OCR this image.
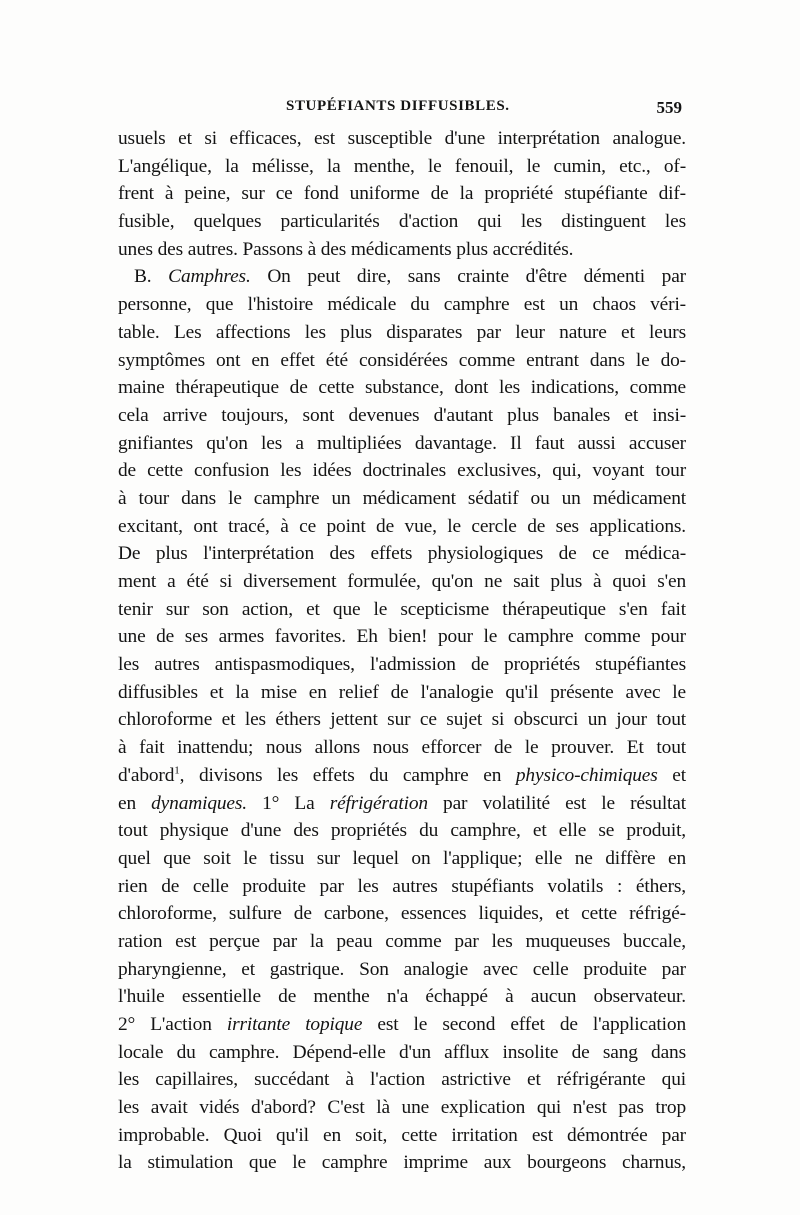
STUPÉFIANTS DIFFUSIBLES.	559
usuels et si efficaces, est susceptible d'une interprétation analogue.
L'angélique, la mélisse, la menthe, le fenouil, le cumin, etc., of-
frent à peine, sur ce fond uniforme de la propriété stupéfiante dif-
fusible, quelques particularités d'action qui les distinguent les
unes des autres. Passons à des médicaments plus accrédités.
B. Camphres. On peut dire, sans crainte d'être démenti par
personne, que l'histoire médicale du camphre est un chaos véri-
table. Les affections les plus disparates par leur nature et leurs
symptômes ont en effet été considérées comme entrant dans le do-
maine thérapeutique de cette substance, dont les indications, comme
cela arrive toujours, sont devenues d'autant plus banales et insi-
gnifiantes qu'on les a multipliées davantage. Il faut aussi accuser
de cette confusion les idées doctrinales exclusives, qui, voyant tour
à tour dans le camphre un médicament sédatif ou un médicament
excitant, ont tracé, à ce point de vue, le cercle de ses applications.
De plus l'interprétation des effets physiologiques de ce médica-
ment a été si diversement formulée, qu'on ne sait plus à quoi s'en
tenir sur son action, et que le scepticisme thérapeutique s'en fait
une de ses armes favorites. Eh bien! pour le camphre comme pour
les autres antispasmodiques, l'admission de propriétés stupéfiantes
diffusibles et la mise en relief de l'analogie qu'il présente avec le
chloroforme et les éthers jettent sur ce sujet si obscurci un jour tout
à fait inattendu; nous allons nous efforcer de le prouver. Et tout
d'abord$^1$, divisons les effets du camphre en physico-chimiques et
en dynamiques. 1° La réfrigération par volatilité est le résultat
tout physique d'une des propriétés du camphre, et elle se produit,
quel que soit le tissu sur lequel on l'applique; elle ne diffère en
rien de celle produite par les autres stupéfiants volatils : éthers,
chloroforme, sulfure de carbone, essences liquides, et cette réfrigé-
ration est perçue par la peau comme par les muqueuses buccale,
pharyngienne, et gastrique. Son analogie avec celle produite par
l'huile essentielle de menthe n'a échappé à aucun observateur.
2° L'action irritante topique est le second effet de l'application
locale du camphre. Dépend-elle d'un afflux insolite de sang dans
les capillaires, succédant à l'action astrictive et réfrigérante qui
les avait vidés d'abord? C'est là une explication qui n'est pas trop
improbable. Quoi qu'il en soit, cette irritation est démontrée par
la stimulation que le camphre imprime aux bourgeons charnus,
